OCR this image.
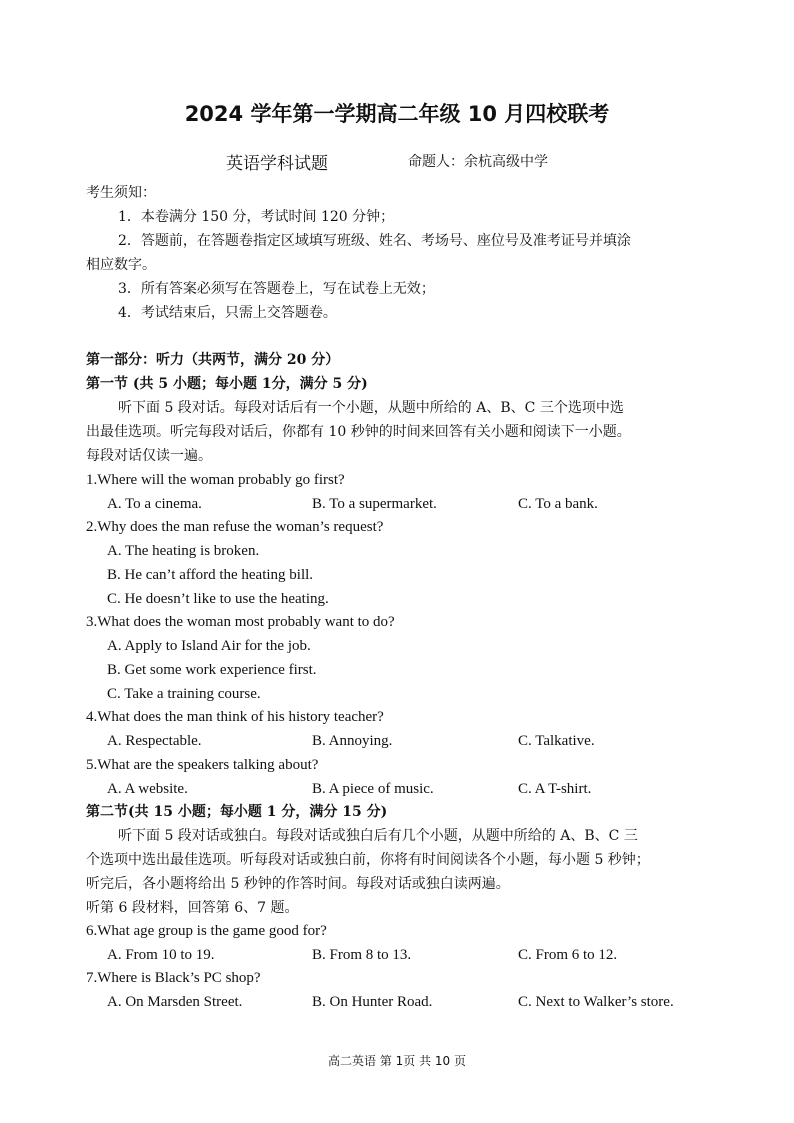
2024 学年第一学期高二年级 10 月四校联考
英语学科试题	命题人：余杭高级中学
考生须知：
1．本卷满分 150 分，考试时间 120 分钟；
2．答题前，在答题卷指定区域填写班级、姓名、考场号、座位号及准考证号并填涂
相应数字。
3．所有答案必须写在答题卷上，写在试卷上无效；
4．考试结束后，只需上交答题卷。
第一部分：听力（共两节，满分 20 分）
第一节 (共 5 小题；每小题 1分，满分 5 分)
听下面 5 段对话。每段对话后有一个小题，从题中所给的 A、B、C 三个选项中选
出最佳选项。听完每段对话后，你都有 10 秒钟的时间来回答有关小题和阅读下一小题。
每段对话仅读一遍。
1.Where will the woman probably go first?
A. To a cinema.	B. To a supermarket.	C. To a bank.
2.Why does the man refuse the woman’s request?
A. The heating is broken.
B. He can’t afford the heating bill.
C. He doesn’t like to use the heating.
3.What does the woman most probably want to do?
A. Apply to Island Air for the job.
B. Get some work experience first.
C. Take a training course.
4.What does the man think of his history teacher?
A. Respectable.	B. Annoying.	C. Talkative.
5.What are the speakers talking about?
A. A website.	B. A piece of music.	C. A T-shirt.
第二节(共 15 小题；每小题 1 分，满分 15 分)
听下面 5 段对话或独白。每段对话或独白后有几个小题，从题中所给的 A、B、C 三
个选项中选出最佳选项。听每段对话或独白前，你将有时间阅读各个小题，每小题 5 秒钟；
听完后，各小题将给出 5 秒钟的作答时间。每段对话或独白读两遍。
听第 6 段材料，回答第 6、7 题。
6.What age group is the game good for?
A. From 10 to 19.	B. From 8 to 13.	C. From 6 to 12.
7.Where is Black’s PC shop?
A. On Marsden Street.	B. On Hunter Road.	C. Next to Walker’s store.
高二英语 第 1页 共 10 页
